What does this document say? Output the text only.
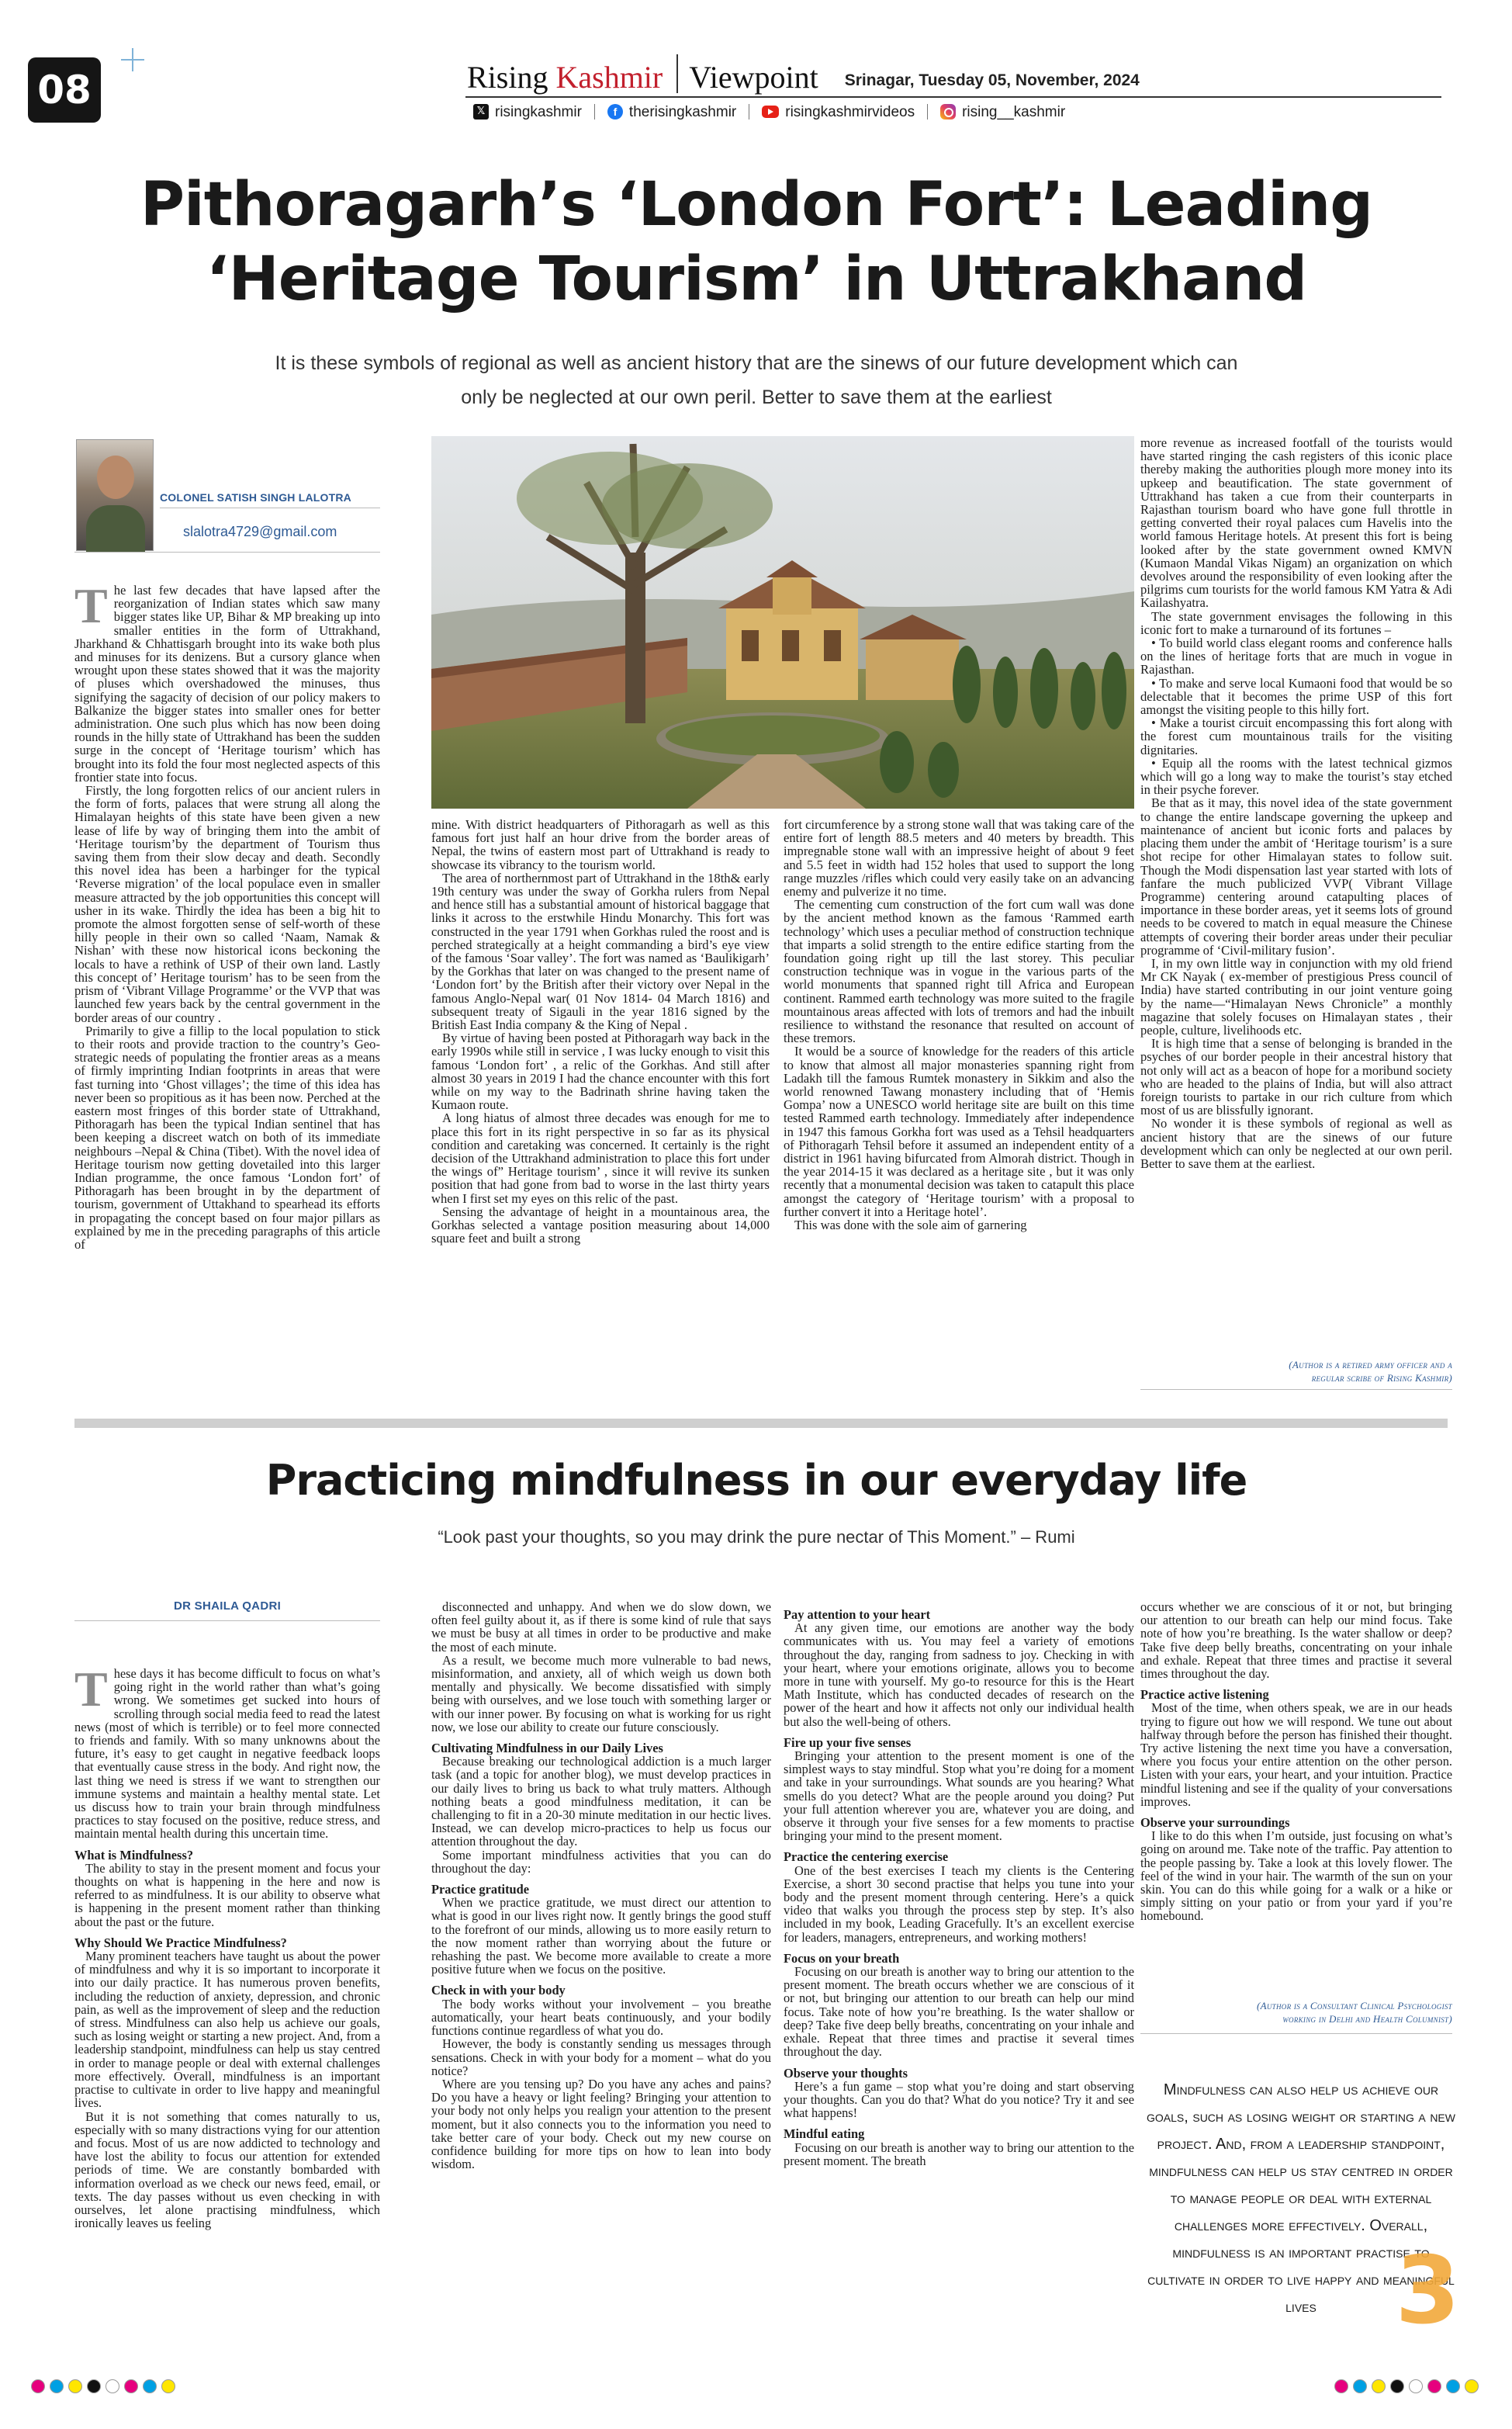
08	Rising Kashmir Viewpoint Srinagar, Tuesday 05, November, 2024
𝕏 risingkashmir	f therisingkashmir	risingkashmirvideos	rising__kashmir
Pithoragarh’s ‘London Fort’: Leading
‘Heritage Tourism’ in Uttrakhand
It is these symbols of regional as well as ancient history that are the sinews of our future development which can
only be neglected at our own peril. Better to save them at the earliest
COLONEL SATISH SINGH LALOTRA
slalotra4729@gmail.com
T he last few decades that have lapsed after the reorganization of Indian states which saw many bigger states like UP, Bihar & MP breaking up into smaller entities in the form of Uttrakhand, Jharkhand & Chhattisgarh brought into its wake both plus and minuses for its denizens. But a cursory glance when wrought upon these states showed that it was the majority of pluses which overshadowed the minuses, thus signifying the sagacity of decision of our policy makers to Balkanize the bigger states into smaller ones for better administration. One such plus which has now been doing rounds in the hilly state of Uttrakhand has been the sudden surge in the concept of ‘Heritage tourism’ which has brought into its fold the four most neglected aspects of this frontier state into focus.

Firstly, the long forgotten relics of our ancient rulers in the form of forts, palaces that were strung all along the Himalayan heights of this state have been given a new lease of life by way of bringing them into the ambit of ‘Heritage tourism’by the department of Tourism thus saving them from their slow decay and death. Secondly this novel idea has been a harbinger for the typical ‘Reverse migration’ of the local populace even in smaller measure attracted by the job opportunities this concept will usher in its wake. Thirdly the idea has been a big hit to promote the almost forgotten sense of self-worth of these hilly people in their own so called ‘Naam, Namak & Nishan’ with these now historical icons beckoning the locals to have a rethink of USP of their own land. Lastly this concept of’ Heritage tourism’ has to be seen from the prism of ‘Vibrant Village Programme’ or the VVP that was launched few years back by the central government in the border areas of our country .

Primarily to give a fillip to the local population to stick to their roots and provide traction to the country’s Geo-strategic needs of populating the frontier areas as a means of firmly imprinting Indian footprints in areas that were fast turning into ‘Ghost villages’; the time of this idea has never been so propitious as it has been now. Perched at the eastern most fringes of this border state of Uttrakhand, Pithoragarh has been the typical Indian sentinel that has been keeping a discreet watch on both of its immediate neighbours –Nepal & China (Tibet). With the novel idea of Heritage tourism now getting dovetailed into this larger Indian programme, the once famous ‘London fort’ of Pithoragarh has been brought in by the department of tourism, government of Uttakhand to spearhead its efforts in propagating the concept based on four major pillars as explained by me in the preceding paragraphs of this article of

mine. With district headquarters of Pithoragarh as well as this famous fort just half an hour drive from the border areas of Nepal, the twins of eastern most part of Uttrakhand is ready to showcase its vibrancy to the tourism world.

The area of northernmost part of Uttrakhand in the 18th& early 19th century was under the sway of Gorkha rulers from Nepal and hence still has a substantial amount of historical baggage that links it across to the erstwhile Hindu Monarchy. This fort was constructed in the year 1791 when Gorkhas ruled the roost and is perched strategically at a height commanding a bird’s eye view of the famous ‘Soar valley’. The fort was named as ‘Baulikigarh’ by the Gorkhas that later on was changed to the present name of ‘London fort’ by the British after their victory over Nepal in the famous Anglo-Nepal war( 01 Nov 1814- 04 March 1816) and subsequent treaty of Sigauli in the year 1816 signed by the British East India company & the King of Nepal .

By virtue of having been posted at Pithoragarh way back in the early 1990s while still in service , I was lucky enough to visit this famous ‘London fort’ , a relic of the Gorkhas. And still after almost 30 years in 2019 I had the chance encounter with this fort while on my way to the Badrinath shrine having taken the Kumaon route.

A long hiatus of almost three decades was enough for me to place this fort in its right perspective in so far as its physical condition and caretaking was concerned. It certainly is the right decision of the Uttrakhand administration to place this fort under the wings of” Heritage tourism’ , since it will revive its sunken position that had gone from bad to worse in the last thirty years when I first set my eyes on this relic of the past.

Sensing the advantage of height in a mountainous area, the Gorkhas selected a vantage position measuring about 14,000 square feet and built a strong

fort circumference by a strong stone wall that was taking care of the entire fort of length 88.5 meters and 40 meters by breadth. This impregnable stone wall with an impressive height of about 9 feet and 5.5 feet in width had 152 holes that used to support the long range muzzles /rifles which could very easily take on an advancing enemy and pulverize it no time.

The cementing cum construction of the fort cum wall was done by the ancient method known as the famous ‘Rammed earth technology’ which uses a peculiar method of construction technique that imparts a solid strength to the entire edifice starting from the foundation going right up till the last storey. This peculiar construction technique was in vogue in the various parts of the world monuments that spanned right till Africa and European continent. Rammed earth technology was more suited to the fragile mountainous areas affected with lots of tremors and had the inbuilt resilience to withstand the resonance that resulted on account of these tremors.

It would be a source of knowledge for the readers of this article to know that almost all major monasteries spanning right from Ladakh till the famous Rumtek monastery in Sikkim and also the world renowned Tawang monastery including that of ‘Hemis Gompa’ now a UNESCO world heritage site are built on this time tested Rammed earth technology. Immediately after independence in 1947 this famous Gorkha fort was used as a Tehsil headquarters of Pithoragarh Tehsil before it assumed an independent entity of a district in 1961 having bifurcated from Almorah district. Though in the year 2014-15 it was declared as a heritage site , but it was only recently that a monumental decision was taken to catapult this place amongst the category of ‘Heritage tourism’ with a proposal to further convert it into a Heritage hotel’.

This was done with the sole aim of garnering

more revenue as increased footfall of the tourists would have started ringing the cash registers of this iconic place thereby making the authorities plough more money into its upkeep and beautification. The state government of Uttrakhand has taken a cue from their counterparts in Rajasthan tourism board who have gone full throttle in getting converted their royal palaces cum Havelis into the world famous Heritage hotels. At present this fort is being looked after by the state government owned KMVN (Kumaon Mandal Vikas Nigam) an organization on which devolves around the responsibility of even looking after the pilgrims cum tourists for the world famous KM Yatra & Adi Kailashyatra.

The state government envisages the following in this iconic fort to make a turnaround of its fortunes –

• To build world class elegant rooms and conference halls on the lines of heritage forts that are much in vogue in Rajasthan.

• To make and serve local Kumaoni food that would be so delectable that it becomes the prime USP of this fort amongst the visiting people to this hilly fort.

• Make a tourist circuit encompassing this fort along with the forest cum mountainous trails for the visiting dignitaries.

• Equip all the rooms with the latest technical gizmos which will go a long way to make the tourist’s stay etched in their psyche forever.

Be that as it may, this novel idea of the state government to change the entire landscape governing the upkeep and maintenance of ancient but iconic forts and palaces by placing them under the ambit of ‘Heritage tourism’ is a sure shot recipe for other Himalayan states to follow suit. Though the Modi dispensation last year started with lots of fanfare the much publicized VVP( Vibrant Village Programme) centering around catapulting places of importance in these border areas, yet it seems lots of ground needs to be covered to match in equal measure the Chinese attempts of covering their border areas under their peculiar programme of ‘Civil-military fusion’.

I, in my own little way in conjunction with my old friend Mr CK Nayak ( ex-member of prestigious Press council of India) have started contributing in our joint venture going by the name—“Himalayan News Chronicle” a monthly magazine that solely focuses on Himalayan states , their people, culture, livelihoods etc.

It is high time that a sense of belonging is branded in the psyches of our border people in their ancestral history that not only will act as a beacon of hope for a moribund society who are headed to the plains of India, but will also attract foreign tourists to partake in our rich culture from which most of us are blissfully ignorant.

No wonder it is these symbols of regional as well as ancient history that are the sinews of our future development which can only be neglected at our own peril. Better to save them at the earliest.

(Author is a retired army officer and a
regular scribe of Rising Kashmir)
Practicing mindfulness in our everyday life
“Look past your thoughts, so you may drink the pure nectar of This Moment.” – Rumi
DR SHAILA QADRI
T hese days it has become difficult to focus on what’s going right in the world rather than what’s going wrong. We sometimes get sucked into hours of scrolling through social media feed to read the latest news (most of which is terrible) or to feel more connected to friends and family. With so many unknowns about the future, it’s easy to get caught in negative feedback loops that eventually cause stress in the body. And right now, the last thing we need is stress if we want to strengthen our immune systems and maintain a healthy mental state. Let us discuss how to train your brain through mindfulness practices to stay focused on the positive, reduce stress, and maintain mental health during this uncertain time.

What is Mindfulness?

The ability to stay in the present moment and focus your thoughts on what is happening in the here and now is referred to as mindfulness. It is our ability to observe what is happening in the present moment rather than thinking about the past or the future.

Why Should We Practice Mindfulness?

Many prominent teachers have taught us about the power of mindfulness and why it is so important to incorporate it into our daily practice. It has numerous proven benefits, including the reduction of anxiety, depression, and chronic pain, as well as the improvement of sleep and the reduction of stress. Mindfulness can also help us achieve our goals, such as losing weight or starting a new project. And, from a leadership standpoint, mindfulness can help us stay centred in order to manage people or deal with external challenges more effectively. Overall, mindfulness is an important practise to cultivate in order to live happy and meaningful lives.

But it is not something that comes naturally to us, especially with so many distractions vying for our attention and focus. Most of us are now addicted to technology and have lost the ability to focus our attention for extended periods of time. We are constantly bombarded with information overload as we check our news feed, email, or texts. The day passes without us even checking in with ourselves, let alone practising mindfulness, which ironically leaves us feeling

disconnected and unhappy. And when we do slow down, we often feel guilty about it, as if there is some kind of rule that says we must be busy at all times in order to be productive and make the most of each minute.

As a result, we become much more vulnerable to bad news, misinformation, and anxiety, all of which weigh us down both mentally and physically. We become dissatisfied with simply being with ourselves, and we lose touch with something larger or with our inner power. By focusing on what is working for us right now, we lose our ability to create our future consciously.

Cultivating Mindfulness in our Daily Lives

Because breaking our technological addiction is a much larger task (and a topic for another blog), we must develop practices in our daily lives to bring us back to what truly matters. Although nothing beats a good mindfulness meditation, it can be challenging to fit in a 20-30 minute meditation in our hectic lives. Instead, we can develop micro-practices to help us focus our attention throughout the day.

Some important mindfulness activities that you can do throughout the day:

Practice gratitude

When we practice gratitude, we must direct our attention to what is good in our lives right now. It gently brings the good stuff to the forefront of our minds, allowing us to more easily return to the now moment rather than worrying about the future or rehashing the past. We become more available to create a more positive future when we focus on the positive.

Check in with your body

The body works without your involvement – you breathe automatically, your heart beats continuously, and your bodily functions continue regardless of what you do.

However, the body is constantly sending us messages through sensations. Check in with your body for a moment – what do you notice?

Where are you tensing up? Do you have any aches and pains? Do you have a heavy or light feeling? Bringing your attention to your body not only helps you realign your attention to the present moment, but it also connects you to the information you need to take better care of your body. Check out my new course on confidence building for more tips on how to lean into body wisdom.

Pay attention to your heart

At any given time, our emotions are another way the body communicates with us. You may feel a variety of emotions throughout the day, ranging from sadness to joy. Checking in with your heart, where your emotions originate, allows you to become more in tune with yourself. My go-to resource for this is the Heart Math Institute, which has conducted decades of research on the power of the heart and how it affects not only our individual health but also the well-being of others.

Fire up your five senses

Bringing your attention to the present moment is one of the simplest ways to stay mindful. Stop what you’re doing for a moment and take in your surroundings. What sounds are you hearing? What smells do you detect? What are the people around you doing? Put your full attention wherever you are, whatever you are doing, and observe it through your five senses for a few moments to practise bringing your mind to the present moment.

Practice the centering exercise

One of the best exercises I teach my clients is the Centering Exercise, a short 30 second practise that helps you tune into your body and the present moment through centering. Here’s a quick video that walks you through the process step by step. It’s also included in my book, Leading Gracefully. It’s an excellent exercise for leaders, managers, entrepreneurs, and working mothers!

Focus on your breath

Focusing on our breath is another way to bring our attention to the present moment. The breath occurs whether we are conscious of it or not, but bringing our attention to our breath can help our mind focus. Take note of how you’re breathing. Is the water shallow or deep? Take five deep belly breaths, concentrating on your inhale and exhale. Repeat that three times and practise it several times throughout the day.

Observe your thoughts

Here’s a fun game – stop what you’re doing and start observing your thoughts. Can you do that? What do you notice? Try it and see what happens!

Mindful eating

Focusing on our breath is another way to bring our attention to the present moment. The breath

occurs whether we are conscious of it or not, but bringing our attention to our breath can help our mind focus. Take note of how you’re breathing. Is the water shallow or deep? Take five deep belly breaths, concentrating on your inhale and exhale. Repeat that three times and practise it several times throughout the day.

Practice active listening

Most of the time, when others speak, we are in our heads trying to figure out how we will respond. We tune out about halfway through before the person has finished their thought. Try active listening the next time you have a conversation, where you focus your entire attention on the other person. Listen with your ears, your heart, and your intuition. Practice mindful listening and see if the quality of your conversations improves.

Observe your surroundings

I like to do this when I’m outside, just focusing on what’s going on around me. Take note of the traffic. Pay attention to the people passing by. Take a look at this lovely flower. The feel of the wind in your hair. The warmth of the sun on your skin. You can do this while going for a walk or a hike or simply sitting on your patio or from your yard if you’re homebound.

(Author is a Consultant Clinical Psychologist
working in Delhi and Health Columnist)
Mindfulness can also help us achieve our goals, such as losing weight or starting a new project. And, from a leadership standpoint, mindfulness can help us stay centred in order to manage people or deal with external challenges more effectively. Overall, mindfulness is an important practise to cultivate in order to live happy and meaningful lives 3
